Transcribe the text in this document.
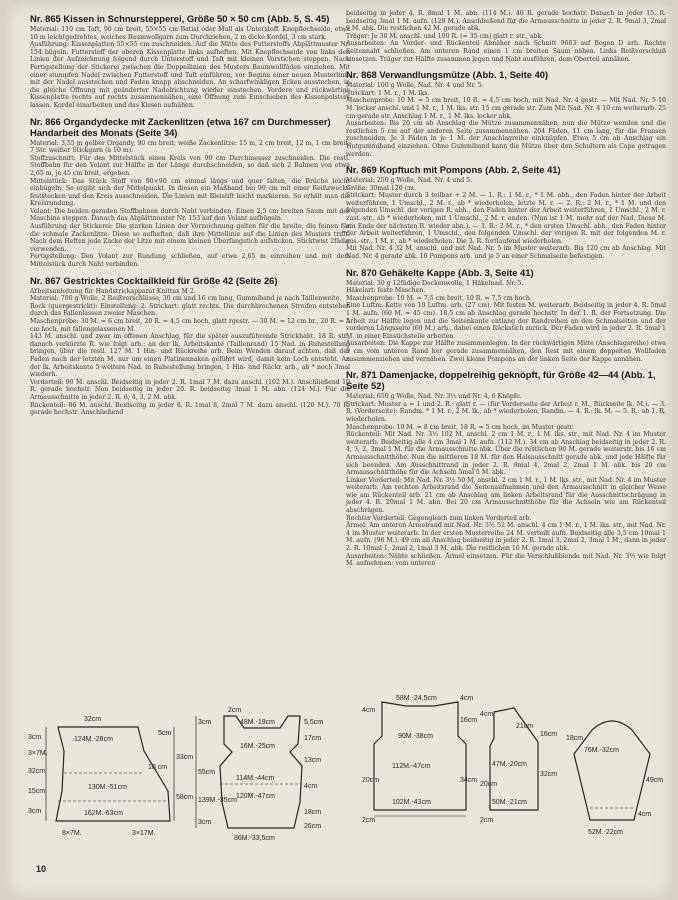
Nr. 865 Kissen in Schnurstepperei, Größe 50 × 50 cm (Abb. 5, S. 45)

Material: 110 cm Taft, 90 cm breit, 55×55 cm Batist oder Mull als Unterstoff. Knopflochseide, etwa 10 m leichtgedrehtes, weiches Baumwollgarn zum Durchziehen, 2 m dicke Kordel, 3 cm stark.

Ausführung: Kissenplatten 55×55 cm zuschneiden. Auf die Mitte des Futterstoffs Abplättmuster Nr. 154 bügeln. Futterstoff der oberen Kissenplatte links aufheften. Mit Knopflochseide von links den Linien der Aufzeichnung folgend durch Unterstoff und Taft mit kleinen Vorstichen steppen. Nach Fertigstellung der Stickerei zwischen die Doppellinien des Musters Baumwollfäden einziehen. Mit einer stumpfen Nadel zwischen Futterstoff und Taft einführen, vor Beginn einer neuen Musterlinie mit der Nadel ausstechen und Faden knapp abschneiden. An scharfwinkligen Ecken ausstechen, in die gleiche Öffnung mit geänderter Nadelrichtung wieder einstechen. Vordere und rückwärtige Kissenplatte rechts auf rechts zusammennähen, eine Öffnung zum Einschieben des Kissenpolsters lassen. Kordel einarbeiten und das Kissen aufnähen.

Nr. 866 Organdydecke mit Zackenlitzen (etwa 167 cm Durchmesser) Handarbeit des Monats (Seite 34)

Material: 3,55 m gelber Organdy, 90 cm breit; weiße Zackenlitze: 15 m, 2 cm breit, 12 m, 1 cm breit; 7 Str. weißer Stickgarn (à 10 m).

Stoffzuschnitt: Für das Mittelstück einen Kreis von 90 cm Durchmesser zuschneiden. Die restl. Stoffbahn für den Volant zur Hälfte in der Länge durchschneiden, so daß sich 2 Bahnen von etwa 2,65 m, je 45 cm breit, ergeben.

Mittelstück: Das Stück Stoff von 90×90 cm einmal längs und quer falten, die Brüche leicht einbügeln. So ergibt sich der Mittelpunkt. In diesen ein Maßband bei 90 cm mit einer Reißzwecke feststecken und den Kreis ausschneiden. Die Linien mit Bleistift leicht markieren. So erhält man die Kreisrundung.

Volant: Die beiden geraden Stoffbahnen durch Naht verbinden. Einen 2,5 cm breiten Saum mit der Maschine steppen. Danach das Abplättmuster Nr. 153 auf den Volant aufbügeln.

Ausführung der Stickerei: Die starken Linien der Vorzeichnung gelten für die breite, die feinen für die schmale Zackenlitze. Diese so aufheften, daß ihre Mittellinie auf die Linien des Musters trifft. Nach dem Heften jede Zacke der Litze mit einem kleinen Überfangstich aufsticken. Sticktwist 2fädig verwenden.

Fertigstellung: Den Volant zur Rundung schließen, auf etwa 2,65 m einreihen und mit dem Mittelstück durch Naht verbinden.

Nr. 867 Gestricktes Cocktailkleid für Größe 42 (Seite 26)

Arbeitsanleitung für Handstrickapparat Knittax M 2.

Material: 700 g Wolle, 2 Reißverschlüsse, 30 cm und 16 cm lang, Gummiband je nach Taillenweite.

Rock (quergestrickt): Einstellung: 2. Strickart: glatt rechts. Die durchbrochenen Streifen entstehen durch das Fallenlassen zweier Maschen.

Maschenprobe: 30 M. = 6 cm breit, 20 R. = 4,5 cm hoch, glatt rgestr. — 30 M. = 12 cm br., 20 R. = 5 cm hoch, mit fallengelassenen M.

143 M. anschl. und zwar im offenen Anschlag, für die später auszuführende Strickhaht. 18 R. str., danach verkürzte R. wie folgt arb.: an der lk. Arbeitskante (Taillenrand) 15 Nad. in Ruhestellung bringen, über die restl. 127 M. 1 Hin- und Rückreihe arb. Beim Wenden darauf achten, daß der Faden nach der letzten M. nur um einen Platinennaken geführt wird, damit kein Loch entsteht. An der lk. Arbeitskante 5 weitere Nad. in Ruhestellung bringen, 1 Hin- und Rückr. arb., ab * noch 3mal wiederh.

Vorderteil: 90 M. anschl. Beidseitig in jeder 2. R. 1mal 7 M. dazu anschl. (102 M.). Anschließend 10 R. gerade hochstr. Nun beidseitig in jeder 20. R. beidseitig 3mal 1 M. abn. (124 M.). Für die Armausschnitte in jeder 2. R. 6, 4, 3, 2 M. abk.

Rückenteil: 86 M. anschl. Beidseitig in jeder 8. R. 1mal 8, 2mal 7 M. dazu anschl. (120 M.). 70 R. gerade hochstr. Anschließend

beidseitig in jeder 4. R. 8mal 1 M. abn. (114 M.). 40 R. gerade hochstr. Danach in jeder 15. R. beidseitig 3mal 1 M. aufn. (120 M.). Anschließend für die Armausschnitte in jeder 2. R. 9mal 3, 2mal 9 M. abk. Die restlichen 42 M. gerade abk.

Träger: Je 38 M. anschl. und 100 R. (= 35 cm) glatt r. str., abk.

Ausarbeiten: An Vorder- und Rückenteil Abnäher nach Schnitt 9683 auf Bogen D arb. Rechte Seitennaht schließen. Am unteren Rand einen 1 cm breiten Saum nähen. Links Reißverschluß einsetzen. Träger zur Hälfte zusammen legen und Naht ausführen, dem Oberteil annähen.

Nr. 868 Verwandlungsmütze (Abb. 1, Seite 40)

Material: 100 g Wolle, Nad. Nr. 4 und Nr. 5.

Strickart: 1 M. r., 1 M. lks.

Maschenprobe: 10 M. = 5 cm breit, 10 R. = 4,5 cm hoch, mit Nad. Nr. 4 gestr. — Mit Nad. Nr. 5 10 M. locker anschl. und 1 M. r., 1 M. lks. str. 15 cm gerade str. Zum Mit Nad. Nr. 4 10 cm weiterarb. 25 cm gerade str. Anschlag 1 M. r., 1 M. lks. locker abk.

Ausarbeiten: Bis 20 cm ab Anschlag die Mütze zusammennähen, nun die Mütze wenden und die restlichen 5 cm auf der anderen Seite zusammennähen. 204 Fäden, 11 cm lang, für die Fransen zuschneiden. Je 3 Fäden in je 1 M. der Anschlagreihe einknüpfen. Etwa 5 cm ab Anschlag ein Hutgummiband einziehen. Ohne Gummiband kann die Mütze über den Schultern als Cape getragen werden.

Nr. 869 Kopftuch mit Pompons (Abb. 2, Seite 41)

Material: 250 g Wolle, Nad. Nr. 4 und 5.

Größe: 30mal 120 cm.

Strickart: Muster durch 3 teilbar + 2 M. — 1. R.: 1 M. r., * 1 M. abh., den Faden hinter der Arbeit weiterführen, 1 Umschl., 2 M. r., ab * wiederholen, letzte M. r. — 2. R.: 2 M. r., * 1 M. und den folgenden Umschl. der vorigen R. abh., den Faden hinter der Arbeit weiterführen, 1 Umschl., 2 M. r. zust.-str., ab * wiederholen, mit 1 Umschl., 2 M. r. enden. (Nun ist 1 M. mehr auf der Nad. Diese M. am Ende der nächsten R. wieder abn.). — 3. R.: 2 M. r., * den ersten Umschl. abh., den Faden hinter der Arbeit weiterführen, 1 Umschl., den folgenden Umschl. der vorigen R. mit der folgenden M. r. zus.-str., 1 M. r., ab * wiederholen. Die 3. R. fortlaufend wiederholen.

Mit Nad. Nr. 4 32 M. anschl. und mit Nad. Nr. 5 im Muster weiterarb. Bis 120 cm ab Anschlag. Mit Nad. Nr. 4 gerade abk. 10 Pompons arb. und je 5 an einer Schmalseite befestigen.

Nr. 870 Gehäkelte Kappe (Abb. 3, Seite 41)

Material: 30 g 12fädige Deckenwolle, 1 Häkelnad. Nr. 5.

Häkelart: feste Maschen.

Maschenprobe: 10 M. = 7,5 cm breit, 10 R. = 7,5 cm hoch.

Eine Luftm.-Kette von 10 Luftm. arb. (27 cm). Mit festen M. weiterarb. Beidseitig in jeder 4. R. 5mal 1 M. aufn. (60 M. = 45 cm). 18,5 cm ab Anschlag gerade hochstr. In der 1. R. der Fortsetzung. Die Arbeit zur Hälfte legen und die Seitenkante entlang der Randreihen an den Schmalseiten und der vorderen Längsseite (60 M.) arb., dabei einen Rückstich zurück. Der Faden wird in jeder 2. R. 5mal 1 M. in einer Einstichstelle arbeiten.

Ausarbeiten: Die Kappe zur Hälfte zusammenlegen. In der rückwärtigen Mitte (Anschlagsreihe) etwa 5 cm vom unteren Rand her gerade zusammennähen, den Rest mit einem doppelten Wollfaden zusammenziehen und vernähen. Zwei kleine Pompons an der linken Seite der Kappe annähen.

Nr. 871 Damenjacke, doppelreihig geknöpft, für Größe 42—44 (Abb. 1, Seite 52)

Material: 650 g Wolle, Nad. Nr. 3½ und Nr. 4, 6 Knöpfe.

Strickart: Muster a = 1 und 2. R.: glatt r. — (für Vorderseite der Arbeit r. M., Rückseite lk. M.). — 3. R. (Vorderseite): Randm. * 1 M. r., 2 M. lk., ab * wiederholen, Randm. — 4. R.: lk. M. — 5. R.: ab 1. R. wiederholen.

Maschenprobe: 19 M. = 8 cm breit, 18 R. = 5 cm hoch, im Muster gestr.

Rückenteil: Mit Nad. Nr. 3½ 102 M. anschl. 2 cm 1 M. r., 1 M. lks. str., mit Nad. Nr. 4 im Muster weiterarb. Beidseitig alle 4 cm 3mal 1 M. aufn. (112 M.). 34 cm ab Anschlag beidseitig in jeder 2. R. 4, 3, 2, 3mal 1 M. für die Armausschnitte abk. Über die restlichen 90 M. gerade weiterstr. bis 16 cm Armausschnitthöhe. Nun die mittleren 18 M. für den Halsausschnitt gerade abk. und jede Hälfte für sich beenden. Am Ausschnittrand in jeder 2. R. 8mal 4, 2mal 2, 2mal 1 M. abk. bis 20 cm Armausschnitthöhe für die Achseln 5mal 5 M. abk.

Linker Vorderteil: Mit Nad. Nr. 3½ 50 M. anschl. 2 cm 1 M. r., 1 M. lks. str., mit Nad. Nr. 4 im Muster weiterarb. Am rechten Arbeitsrand die Seitenaufnahmen und den Armausschnitt in gleicher Weise wie am Rückenteil arb. 21 cm ab Anschlag am linken Arbeitsrand für die Ausschnittschrägung in jeder 4. R. 20mal 1 M. abn. Bei 20 cm Armausschnitthöhe für die Achseln wie am Rückenteil abschrägen.

Rechter Vorderteil: Gegengleich zum linken Vorderteil arb.

Ärmel: Am unteren Armelrand mit Nad. Nr. 3½ 52 M. anschl. 4 cm 1 M. r., 1 M. lks. str., mit Nad. Nr. 4 im Muster weiterarb. In der ersten Musterreihe 24 M. verteilt aufn. Beidseitig alle 3,5 cm 10mal 1 M. aufn. (96 M.). 49 cm ab Anschlag beidseitig in jeder 2. R. 1mal 3, 2mal 2, 3mal 1 M., dann in jeder 2. R. 10mal 1, 2mal 2, 1mal 3 M. abk. Die restlichen 16 M. gerade abk.

Ausarbeiten: Nähte schließen. Ärmel einsetzen. Für die Verschlußblende mit Nad. Nr. 3½ wie folgt M. aufnehmen: vom unteren

32cm
124M.-28cm
130M.-51cm
162M.-63cm
3cm
3cm
5cm
10 cm
32cm
8×7M.
33cm
58cm
15cm
3×17M.
3×7M.
2cm
48M.-19cm
17cm
13cm
16M.-25cm
114M.-44cm
120M.-47cm
86M.-33,5cm
18cm
55cm
5,5cm
4cm
3cm
3cm
26cm
139M.-35cm
58M.-24,5cm
4cm
90M.-38cm
112M.-47cm
102M.-43cm
16cm
4cm
34cm
20cm
2cm
21cm
16cm
4cm
32cm
47M.-20cm
50M.-21cm
20cm
2cm
49cm
76M.-32cm
52M.-22cm
4cm
18cm
10
